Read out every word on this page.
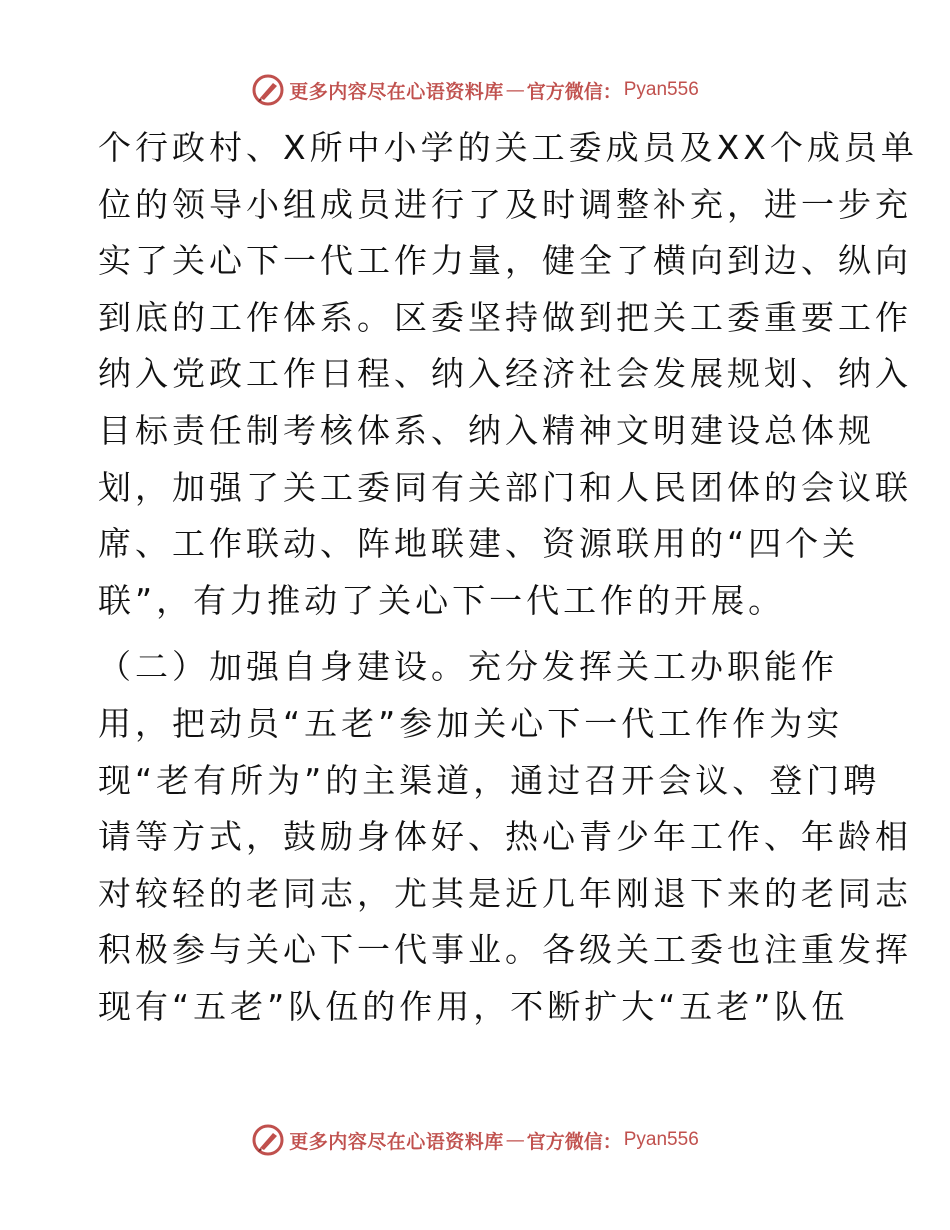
更多内容尽在心语资料库 — 官方微信： Pyan556
个行政村、X所中小学的关工委成员及XX个成员单
位的领导小组成员进行了及时调整补充，进一步充
实了关心下一代工作力量，健全了横向到边、纵向
到底的工作体系。区委坚持做到把关工委重要工作
纳入党政工作日程、纳入经济社会发展规划、纳入
目标责任制考核体系、纳入精神文明建设总体规
划，加强了关工委同有关部门和人民团体的会议联
席、工作联动、阵地联建、资源联用的“四个关
联”，有力推动了关心下一代工作的开展。
（二）加强自身建设。充分发挥关工办职能作
用，把动员“五老”参加关心下一代工作作为实
现“老有所为”的主渠道，通过召开会议、登门聘
请等方式，鼓励身体好、热心青少年工作、年龄相
对较轻的老同志，尤其是近几年刚退下来的老同志
积极参与关心下一代事业。各级关工委也注重发挥
现有“五老”队伍的作用，不断扩大“五老”队伍
更多内容尽在心语资料库 — 官方微信： Pyan556
